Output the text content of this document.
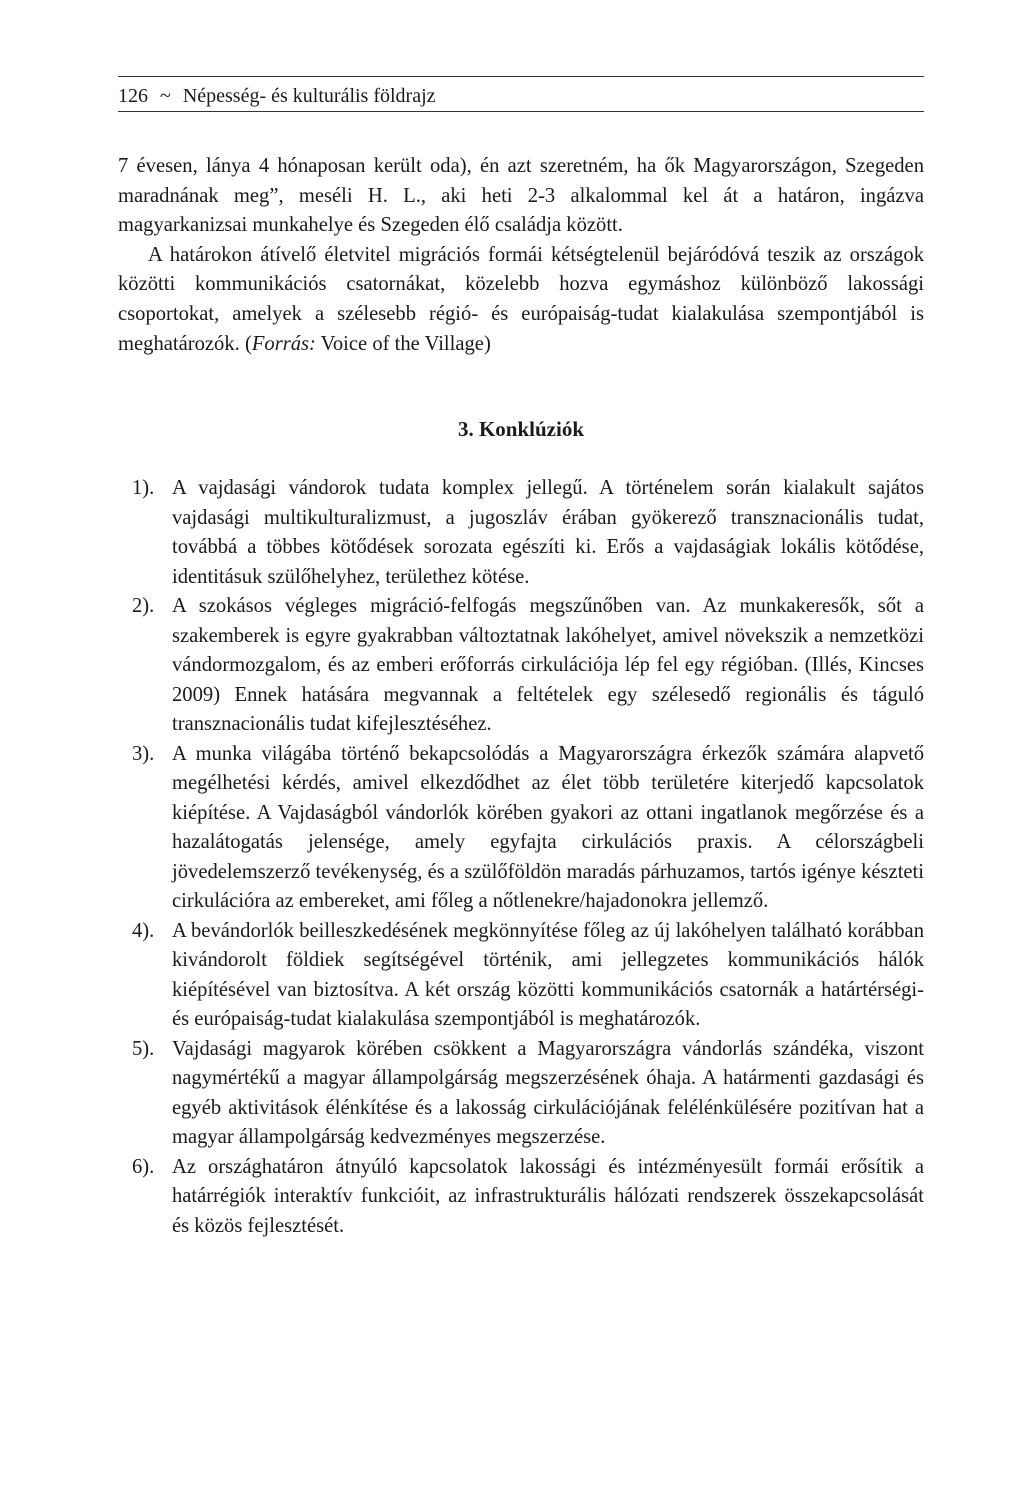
126 ~ Népesség- és kulturális földrajz

7 évesen, lánya 4 hónaposan került oda), én azt szeretném, ha ők Magyarországon, Szegeden maradnának meg”, meséli H. L., aki heti 2-3 alkalommal kel át a határon, ingázva magyarkanizsai munkahelye és Szegeden élő családja között.

A határokon átívelő életvitel migrációs formái kétségtelenül bejáródóvá teszik az országok közötti kommunikációs csatornákat, közelebb hozva egymáshoz különböző lakossági csoportokat, amelyek a szélesebb régió- és európaiság-tudat kialakulása szempontjából is meghatározók. (Forrás: Voice of the Village)

3. Konklúziók
1). A vajdasági vándorok tudata komplex jellegű. A történelem során kialakult sajátos vajdasági multikulturalizmust, a jugoszláv érában gyökerező transznacionális tudat, továbbá a többes kötődések sorozata egészíti ki. Erős a vajdaságiak lokális kötődése, identitásuk szülőhelyhez, területhez kötése.
2). A szokásos végleges migráció-felfogás megszűnőben van. Az munkakeresők, sőt a szakemberek is egyre gyakrabban változtatnak lakóhelyet, amivel növekszik a nemzetközi vándormozgalom, és az emberi erőforrás cirkulációja lép fel egy régióban. (Illés, Kincses 2009) Ennek hatására megvannak a feltételek egy szélesedő regionális és táguló transznacionális tudat kifejlesztéséhez.
3). A munka világába történő bekapcsolódás a Magyarországra érkezők számára alapvető megélhetési kérdés, amivel elkezdődhet az élet több területére kiterjedő kapcsolatok kiépítése. A Vajdaságból vándorlók körében gyakori az ottani ingatlanok megőrzése és a hazalátogatás jelensége, amely egyfajta cirkulációs praxis. A célországbeli jövedelemszerző tevékenység, és a szülőföldön maradás párhuzamos, tartós igénye készteti cirkulációra az embereket, ami főleg a nőtlenekre/hajadonokra jellemző.
4). A bevándorlók beilleszkedésének megkönnyítése főleg az új lakóhelyen található korábban kivándorolt földiek segítségével történik, ami jellegzetes kommunikációs hálók kiépítésével van biztosítva. A két ország közötti kommunikációs csatornák a határtérségi- és európaiság-tudat kialakulása szempontjából is meghatározók.
5). Vajdasági magyarok körében csökkent a Magyarországra vándorlás szándéka, viszont nagymértékű a magyar állampolgárság megszerzésének óhaja. A határmenti gazdasági és egyéb aktivitások élénkítése és a lakosság cirkulációjának felélénkülésére pozitívan hat a magyar állampolgárság kedvezményes megszerzése.
6). Az országhatáron átnyúló kapcsolatok lakossági és intézményesült formái erősítik a határrégiók interaktív funkcióit, az infrastrukturális hálózati rendszerek összekapcsolását és közös fejlesztését.
